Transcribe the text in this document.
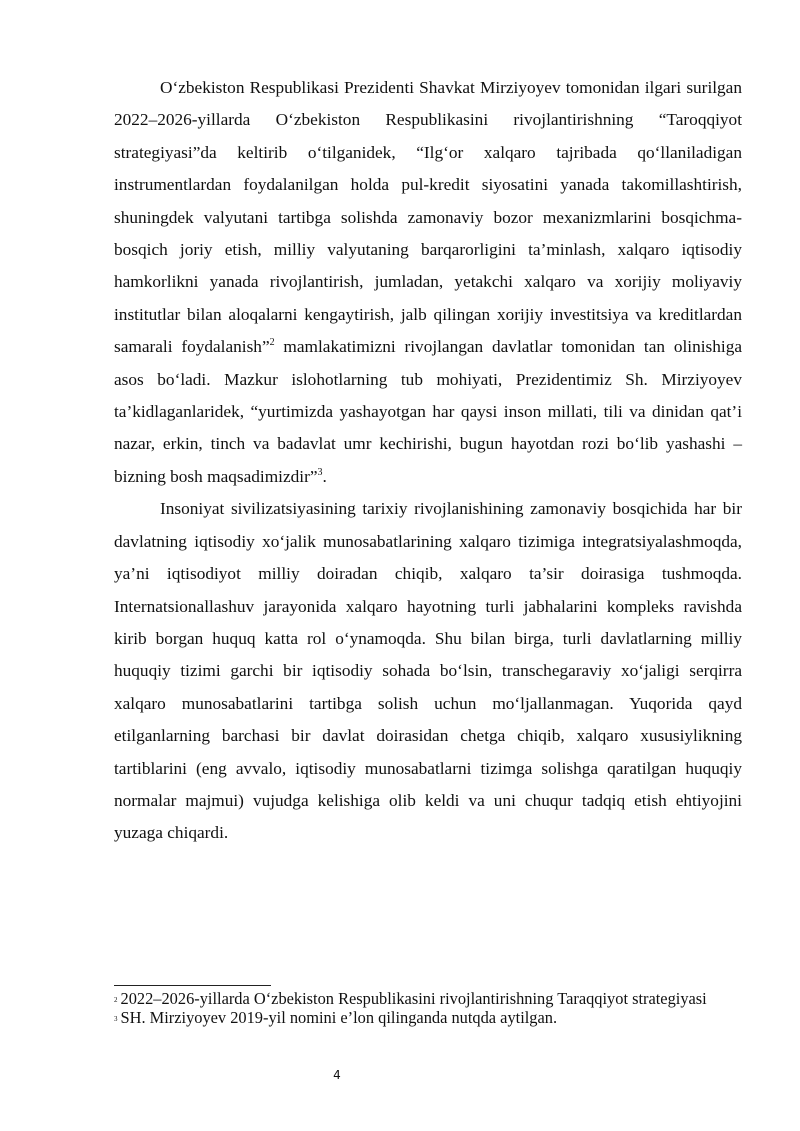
O‘zbekiston Respublikasi Prezidenti Shavkat Mirziyoyev tomonidan ilgari surilgan 2022–2026-yillarda O‘zbekiston Respublikasini rivojlantirishning “Taroqqiyot strategiyasi”da keltirib o‘tilganidek, “Ilg‘or xalqaro tajribada qo‘llaniladigan instrumentlardan foydalanilgan holda pul-kredit siyosatini yanada takomillashtirish, shuningdek valyutani tartibga solishda zamonaviy bozor mexanizmlarini bosqichma-bosqich joriy etish, milliy valyutaning barqarorligini ta’minlash, xalqaro iqtisodiy hamkorlikni yanada rivojlantirish, jumladan, yetakchi xalqaro va xorijiy moliyaviy institutlar bilan aloqalarni kengaytirish, jalb qilingan xorijiy investitsiya va kreditlardan samarali foydalanish”$^2$ mamlakatimizni rivojlangan davlatlar tomonidan tan olinishiga asos bo‘ladi. Mazkur islohotlarning tub mohiyati, Prezidentimiz Sh. Mirziyoyev ta’kidlaganlaridek, “yurtimizda yashayotgan har qaysi inson millati, tili va dinidan qat’i nazar, erkin, tinch va badavlat umr kechirishi, bugun hayotdan rozi bo‘lib yashashi – bizning bosh maqsadimizdir”$^3$.

Insoniyat sivilizatsiyasining tarixiy rivojlanishining zamonaviy bosqichida har bir davlatning iqtisodiy xo‘jalik munosabatlarining xalqaro tizimiga integratsiyalashmoqda, ya’ni iqtisodiyot milliy doiradan chiqib, xalqaro ta’sir doirasiga tushmoqda. Internatsionallashuv jarayonida xalqaro hayotning turli jabhalarini kompleks ravishda kirib borgan huquq katta rol o‘ynamoqda. Shu bilan birga, turli davlatlarning milliy huquqiy tizimi garchi bir iqtisodiy sohada bo‘lsin, transchegaraviy xo‘jaligi serqirra xalqaro munosabatlarini tartibga solish uchun mo‘ljallanmagan. Yuqorida qayd etilganlarning barchasi bir davlat doirasidan chetga chiqib, xalqaro xususiylikning tartiblarini (eng avvalo, iqtisodiy munosabatlarni tizimga solishga qaratilgan huquqiy normalar majmui) vujudga kelishiga olib keldi va uni chuqur tadqiq etish ehtiyojini yuzaga chiqardi.

2 2022–2026-yillarda O‘zbekiston Respublikasini rivojlantirishning Taraqqiyot strategiyasi

3 SH. Mirziyoyev 2019-yil nomini e’lon qilinganda nutqda aytilgan.

4
